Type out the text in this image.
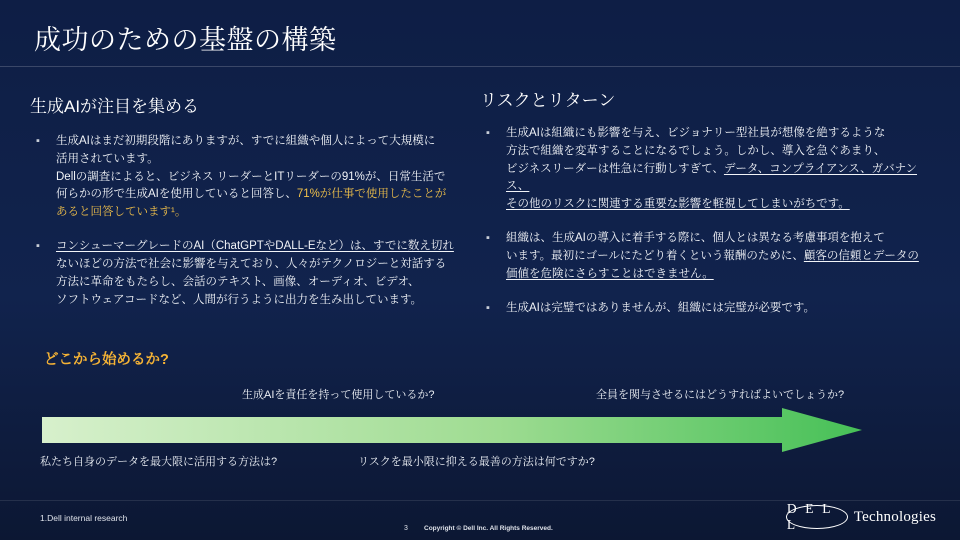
成功のための基盤の構築
生成AIが注目を集める
▪ 生成AIはまだ初期段階にありますが、すでに組織や個人によって大規模に
活用されています。
Dellの調査によると、ビジネス リーダーとITリーダーの91%が、日常生活で
何らかの形で生成AIを使用していると回答し、71%が仕事で使用したことが
あると回答しています¹。
▪ コンシューマーグレードのAI（ChatGPTやDALL-Eなど）は、すでに数え切れ
ないほどの方法で社会に影響を与えており、人々がテクノロジーと対話する
方法に革命をもたらし、会話のテキスト、画像、オーディオ、ビデオ、
ソフトウェアコードなど、人間が行うように出力を生み出しています。
リスクとリターン
▪ 生成AIは組織にも影響を与え、ビジョナリー型社員が想像を絶するような
方法で組織を変革することになるでしょう。しかし、導入を急ぐあまり、
ビジネスリーダーは性急に行動しすぎて、データ、コンプライアンス、ガバナンス、
その他のリスクに関連する重要な影響を軽視してしまいがちです。
▪ 組織は、生成AIの導入に着手する際に、個人とは異なる考慮事項を抱えて
います。最初にゴールにたどり着くという報酬のために、顧客の信頼とデータの
価値を危険にさらすことはできません。
▪ 生成AIは完璧ではありませんが、組織には完璧が必要です。
どこから始めるか?
生成AIを責任を持って使用しているか?	全員を関与させるにはどうすればよいでしょうか?
私たち自身のデータを最大限に活用する方法は?	リスクを最小限に抑える最善の方法は何ですか?
1.Dell internal research
3 Copyright © Dell Inc. All Rights Reserved.
D E L L	Technologies
